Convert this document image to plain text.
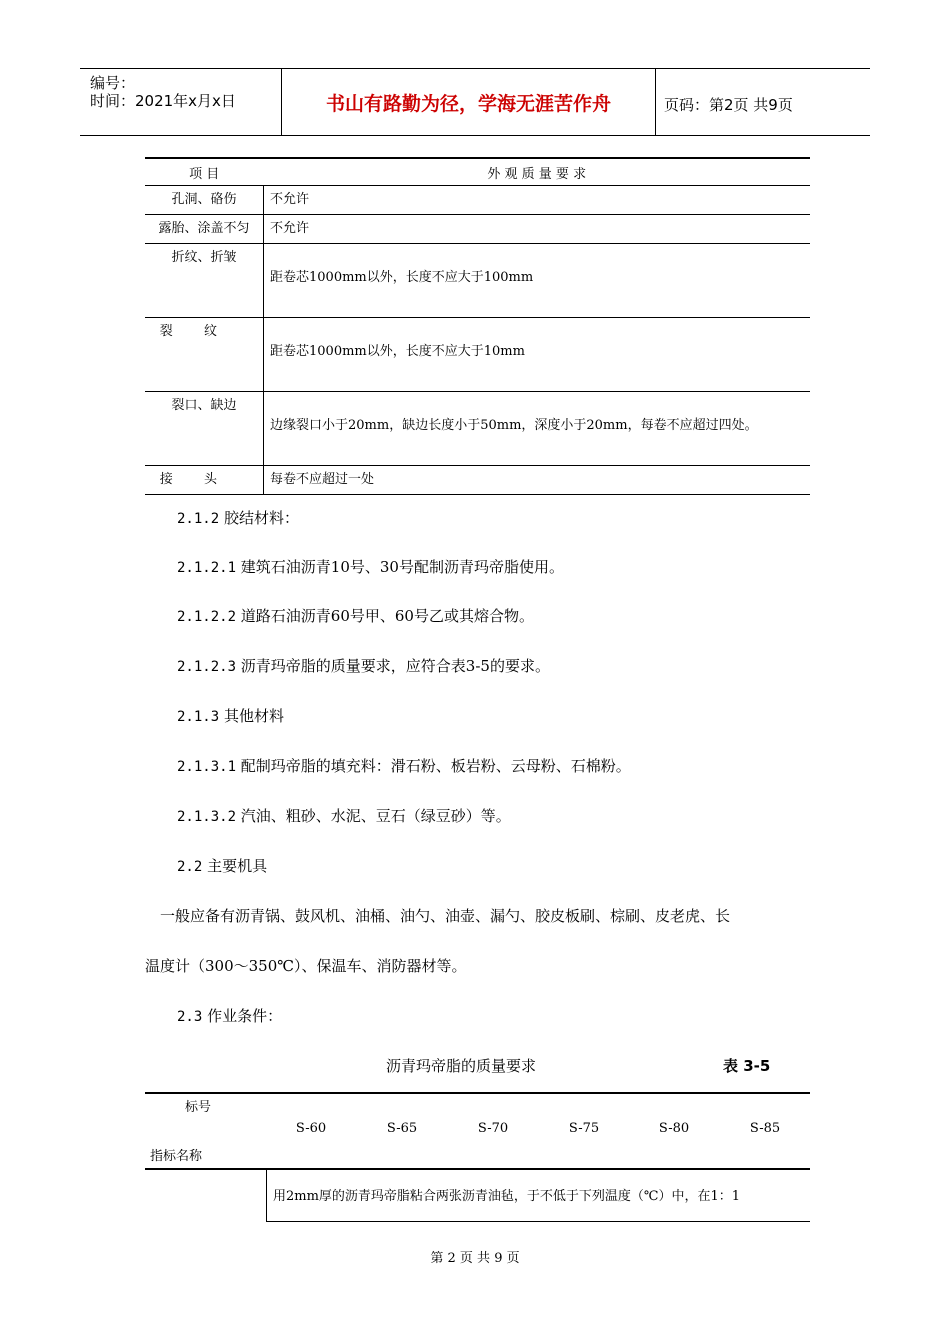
编号：
时间：2021年x月x日	书山有路勤为径，学海无涯苦作舟	页码：第2页 共9页
项 目	外 观 质 量 要 求
孔洞、硌伤	不允许
露胎、涂盖不匀	不允许
折纹、折皱	距卷芯1000mm以外，长度不应大于100mm
裂纹	距卷芯1000mm以外，长度不应大于10mm
裂口、缺边	边缘裂口小于20mm，缺边长度小于50mm，深度小于20mm，每卷不应超过四处。
接头	每卷不应超过一处
2.1.2 胶结材料：
2.1.2.1 建筑石油沥青10号、30号配制沥青玛帝脂使用。
2.1.2.2 道路石油沥青60号甲、60号乙或其熔合物。
2.1.2.3 沥青玛帝脂的质量要求，应符合表3-5的要求。
2.1.3 其他材料
2.1.3.1 配制玛帝脂的填充料：滑石粉、板岩粉、云母粉、石棉粉。
2.1.3.2 汽油、粗砂、水泥、豆石（绿豆砂）等。
2.2 主要机具
一般应备有沥青锅、鼓风机、油桶、油勺、油壶、漏勺、胶皮板刷、棕刷、皮老虎、长
温度计（300～350℃）、保温车、消防器材等。
2.3 作业条件：
沥青玛帝脂的质量要求	表 3-5
标号
指标名称
S-60	S-65	S-70	S-75	S-80	S-85
用2mm厚的沥青玛帝脂粘合两张沥青油毡，于不低于下列温度（℃）中，在1：1
第 2 页 共 9 页
